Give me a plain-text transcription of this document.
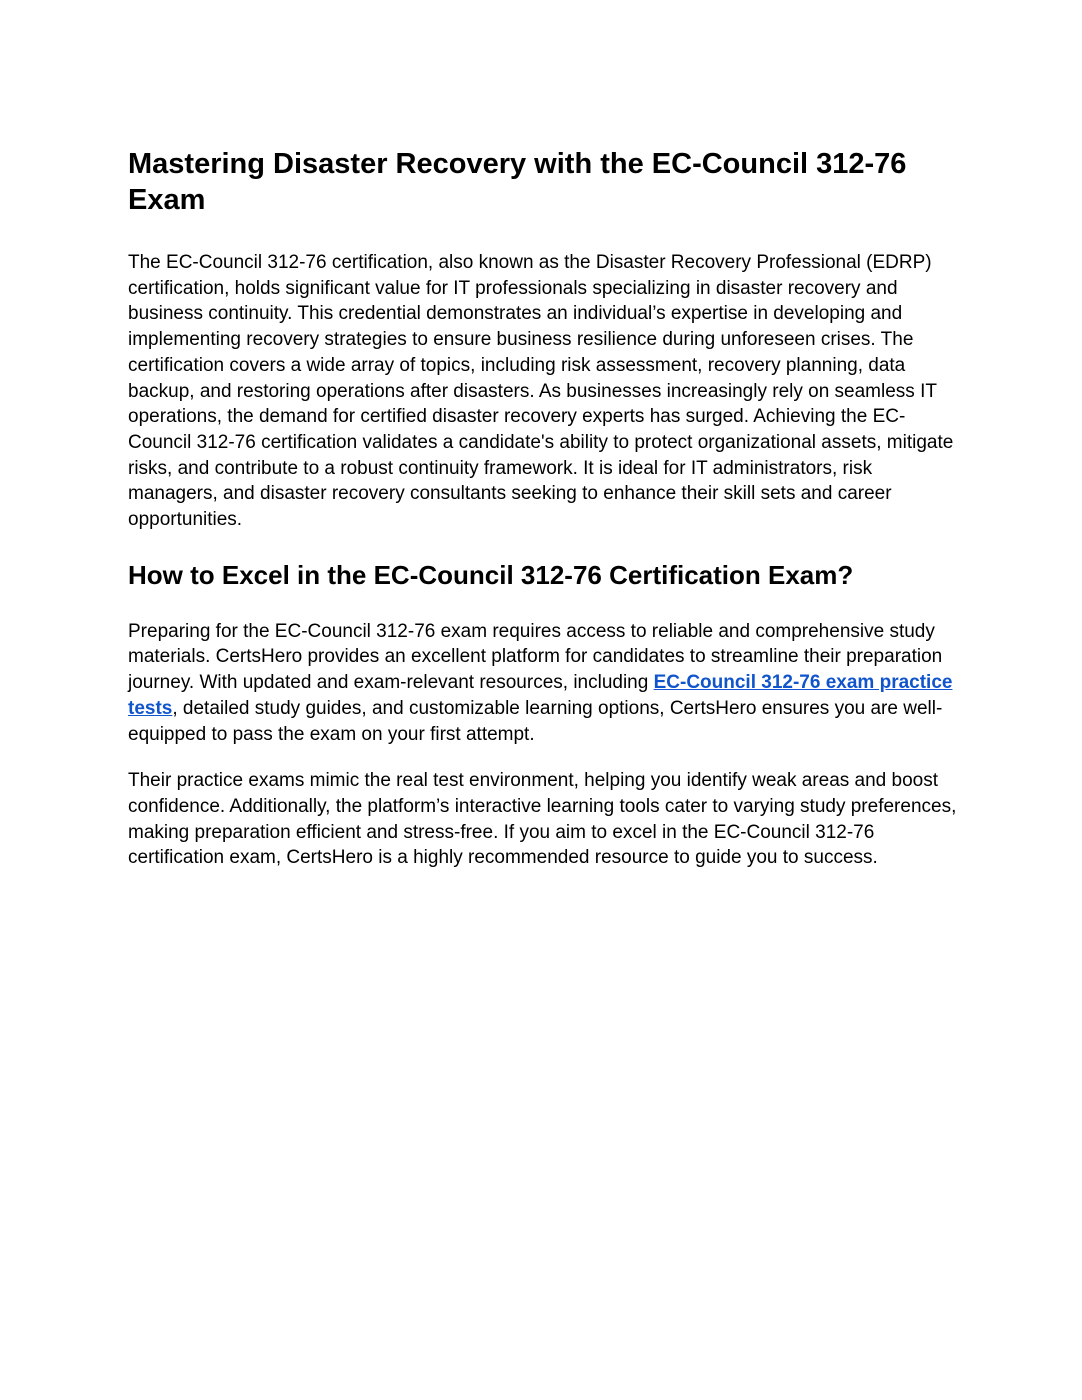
Mastering Disaster Recovery with the EC-Council 312-76 Exam

The EC-Council 312-76 certification, also known as the Disaster Recovery Professional (EDRP) certification, holds significant value for IT professionals specializing in disaster recovery and business continuity. This credential demonstrates an individual’s expertise in developing and implementing recovery strategies to ensure business resilience during unforeseen crises. The certification covers a wide array of topics, including risk assessment, recovery planning, data backup, and restoring operations after disasters. As businesses increasingly rely on seamless IT operations, the demand for certified disaster recovery experts has surged. Achieving the EC-Council 312-76 certification validates a candidate's ability to protect organizational assets, mitigate risks, and contribute to a robust continuity framework. It is ideal for IT administrators, risk managers, and disaster recovery consultants seeking to enhance their skill sets and career opportunities.

How to Excel in the EC-Council 312-76 Certification Exam?

Preparing for the EC-Council 312-76 exam requires access to reliable and comprehensive study materials. CertsHero provides an excellent platform for candidates to streamline their preparation journey. With updated and exam-relevant resources, including EC-Council 312-76 exam practice tests, detailed study guides, and customizable learning options, CertsHero ensures you are well-equipped to pass the exam on your first attempt.

Their practice exams mimic the real test environment, helping you identify weak areas and boost confidence. Additionally, the platform’s interactive learning tools cater to varying study preferences, making preparation efficient and stress-free. If you aim to excel in the EC-Council 312-76 certification exam, CertsHero is a highly recommended resource to guide you to success.
